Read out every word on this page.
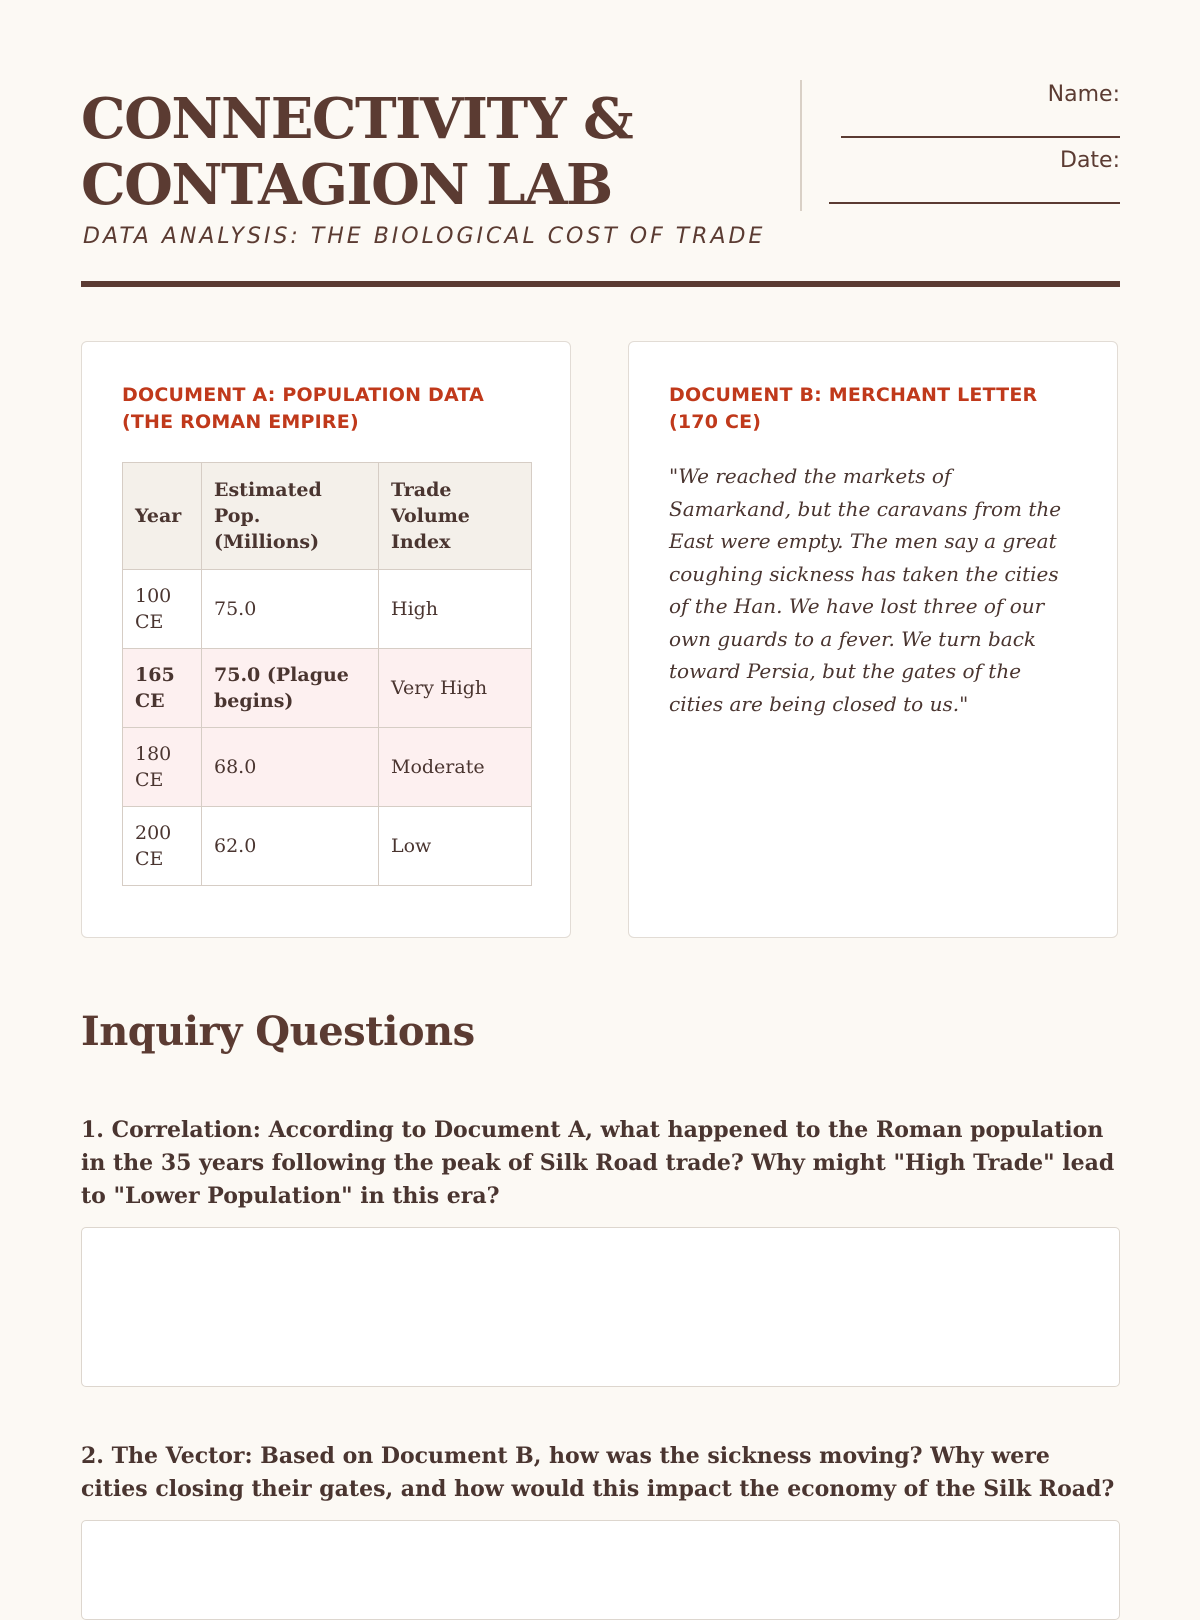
CONNECTIVITY &
CONTAGION LAB
DATA ANALYSIS: THE BIOLOGICAL COST OF TRADE
Name:
Date:
DOCUMENT A: POPULATION DATA (THE ROMAN EMPIRE)
Year	Estimated Pop. (Millions)	Trade Volume Index
100 CE	75.0	High
165 CE	75.0 (Plague begins)	Very High
180 CE	68.0	Moderate
200 CE	62.0	Low
DOCUMENT B: MERCHANT LETTER (170 CE)

"We reached the markets of Samarkand, but the caravans from the East were empty. The men say a great coughing sickness has taken the cities of the Han. We have lost three of our own guards to a fever. We turn back toward Persia, but the gates of the cities are being closed to us."

Inquiry Questions

1. Correlation: According to Document A, what happened to the Roman population in the 35 years following the peak of Silk Road trade? Why might "High Trade" lead to "Lower Population" in this era?

2. The Vector: Based on Document B, how was the sickness moving? Why were cities closing their gates, and how would this impact the economy of the Silk Road?
